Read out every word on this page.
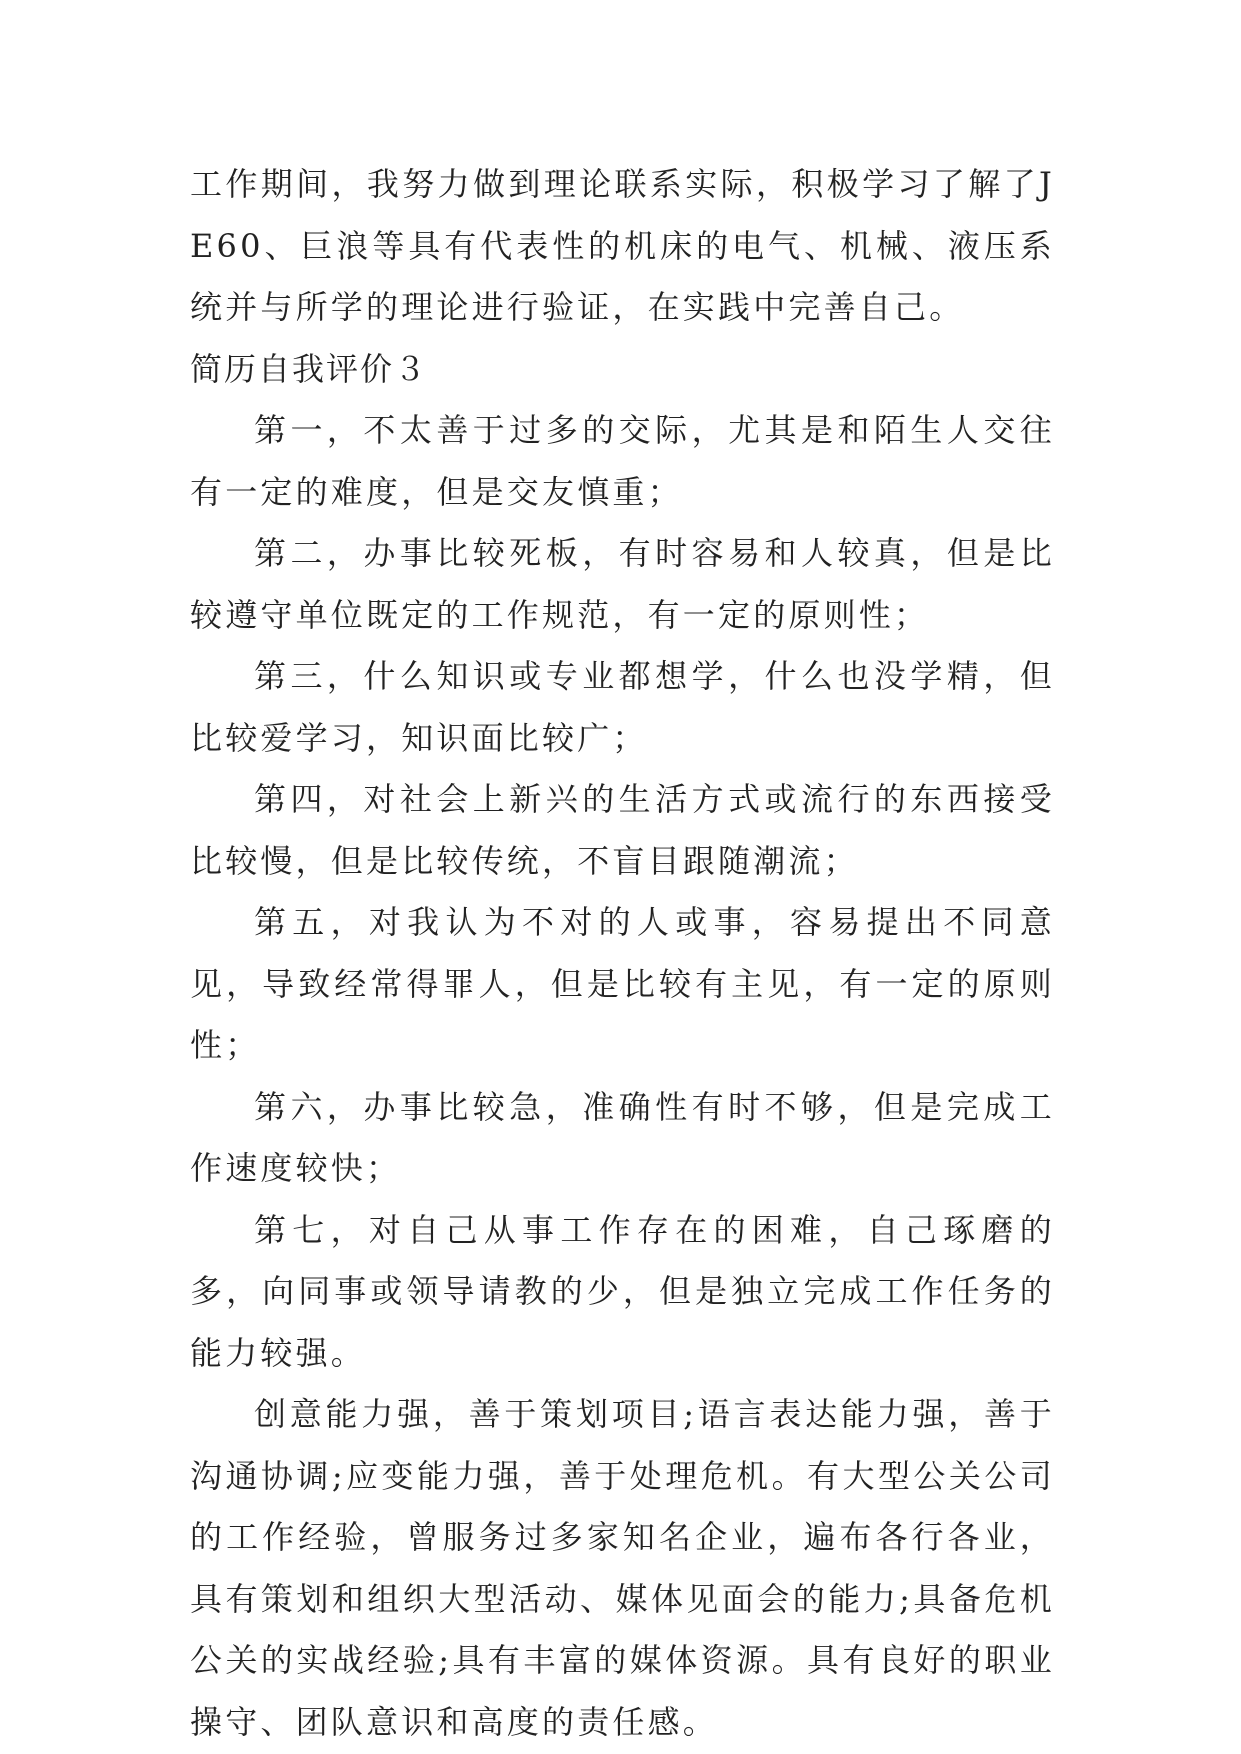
工作期间，我努力做到理论联系实际，积极学习了解了JE60、巨浪等具有代表性的机床的电气、机械、液压系统并与所学的理论进行验证，在实践中完善自己。

简历自我评价３

第一，不太善于过多的交际，尤其是和陌生人交往有一定的难度，但是交友慎重；

第二，办事比较死板，有时容易和人较真，但是比较遵守单位既定的工作规范，有一定的原则性；

第三，什么知识或专业都想学，什么也没学精，但比较爱学习，知识面比较广；

第四，对社会上新兴的生活方式或流行的东西接受比较慢，但是比较传统，不盲目跟随潮流；

第五，对我认为不对的人或事，容易提出不同意见，导致经常得罪人，但是比较有主见，有一定的原则性；

第六，办事比较急，准确性有时不够，但是完成工作速度较快；

第七，对自己从事工作存在的困难，自己琢磨的多，向同事或领导请教的少，但是独立完成工作任务的能力较强。

创意能力强，善于策划项目;语言表达能力强，善于沟通协调;应变能力强，善于处理危机。有大型公关公司的工作经验，曾服务过多家知名企业，遍布各行各业，具有策划和组织大型活动、媒体见面会的能力;具备危机公关的实战经验;具有丰富的媒体资源。具有良好的职业操守、团队意识和高度的责任感。
